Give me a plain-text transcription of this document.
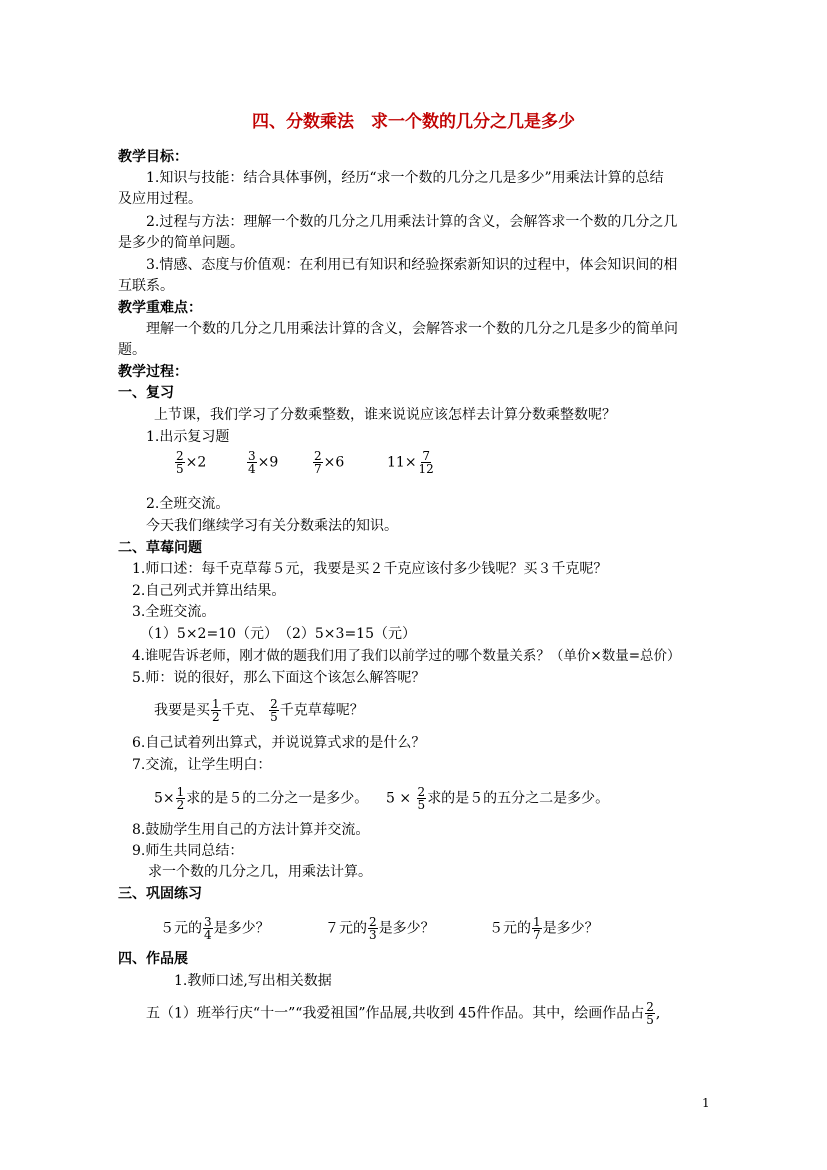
四、分数乘法　求一个数的几分之几是多少
教学目标：
1.知识与技能：结合具体事例，经历“求一个数的几分之几是多少”用乘法计算的总结
及应用过程。
2.过程与方法：理解一个数的几分之几用乘法计算的含义，会解答求一个数的几分之几
是多少的简单问题。
3.情感、态度与价值观：在利用已有知识和经验探索新知识的过程中，体会知识间的相
互联系。
教学重难点：
理解一个数的几分之几用乘法计算的含义，会解答求一个数的几分之几是多少的简单问
题。
教学过程：
一、复习
上节课，我们学习了分数乘整数，谁来说说应该怎样去计算分数乘整数呢？
1.出示复习题
$\frac{2}{5} \times 2$	$\frac{3}{4} \times 9$	$\frac{2}{7} \times 6$	$11\times \frac{7}{12}$
2.全班交流。
今天我们继续学习有关分数乘法的知识。
二、草莓问题
1.师口述：每千克草莓５元，我要是买２千克应该付多少钱呢？买３千克呢？
2.自己列式并算出结果。
3.全班交流。
（1）5×2=10（元）　（2）5×3=15（元）
4.谁呢告诉老师，刚才做的题我们用了我们以前学过的哪个数量关系？（单价×数量=总价）
5.师：说的很好，那么下面这个该怎么解答呢？
我要是买 $\frac{1}{2}$ 千克、 $\frac{2}{5}$ 千克草莓呢？
6.自己试着列出算式，并说说算式求的是什么？
7.交流，让学生明白：
$5\times \frac{1}{2}$ 求的是５的二分之一是多少。 $5 \times \frac{2}{5}$ 求的是５的五分之二是多少。
8.鼓励学生用自己的方法计算并交流。
9.师生共同总结：
求一个数的几分之几，用乘法计算。
三、巩固练习
５元的 $\frac{3}{4}$ 是多少？	７元的 $\frac{2}{3}$ 是多少？	５元的 $\frac{1}{7}$ 是多少？
四、作品展
1.教师口述,写出相关数据
五（1）班举行庆“十一”“我爱祖国”作品展,共收到 45件作品。其中，绘画作品占 $\frac{2}{5}$ ,
1
